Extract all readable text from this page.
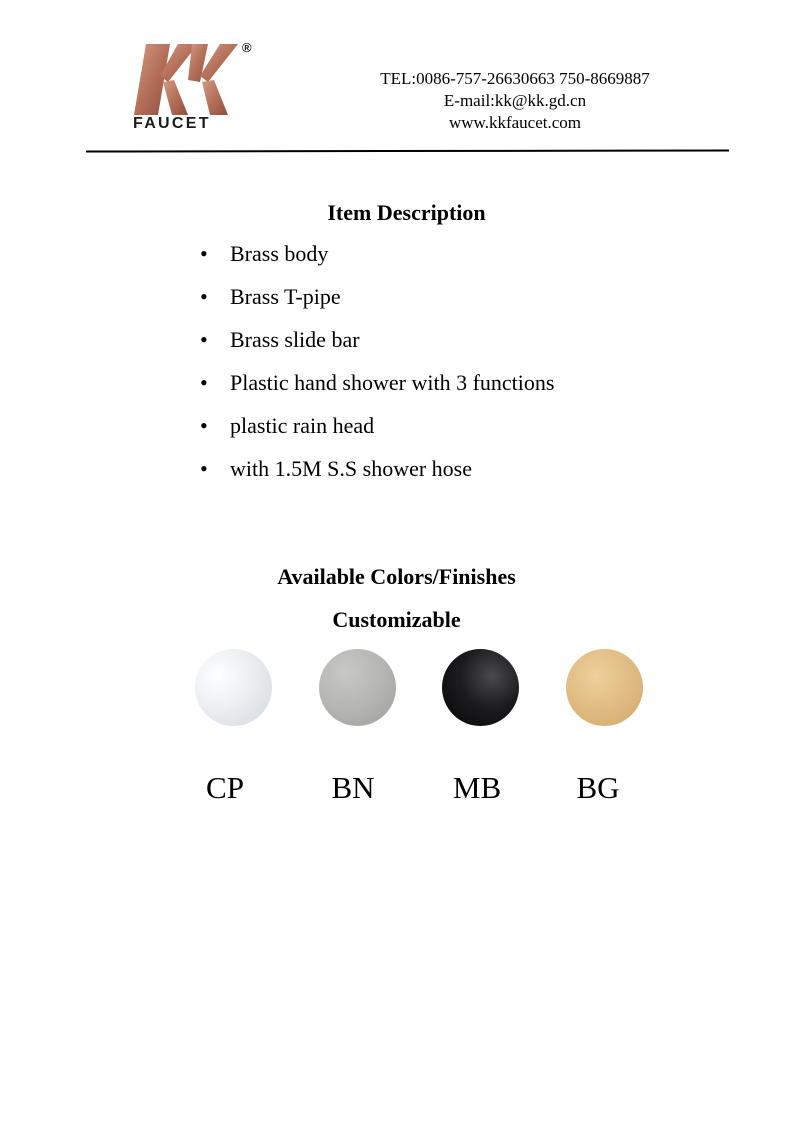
®
FAUCET
TEL:0086-757-26630663 750-8669887
E-mail:kk@kk.gd.cn
www.kkfaucet.com
Item Description
• Brass body
• Brass T-pipe
• Brass slide bar
• Plastic hand shower with 3 functions
• plastic rain head
• with 1.5M S.S shower hose
Available Colors/Finishes
Customizable
CP	BN	MB	BG
